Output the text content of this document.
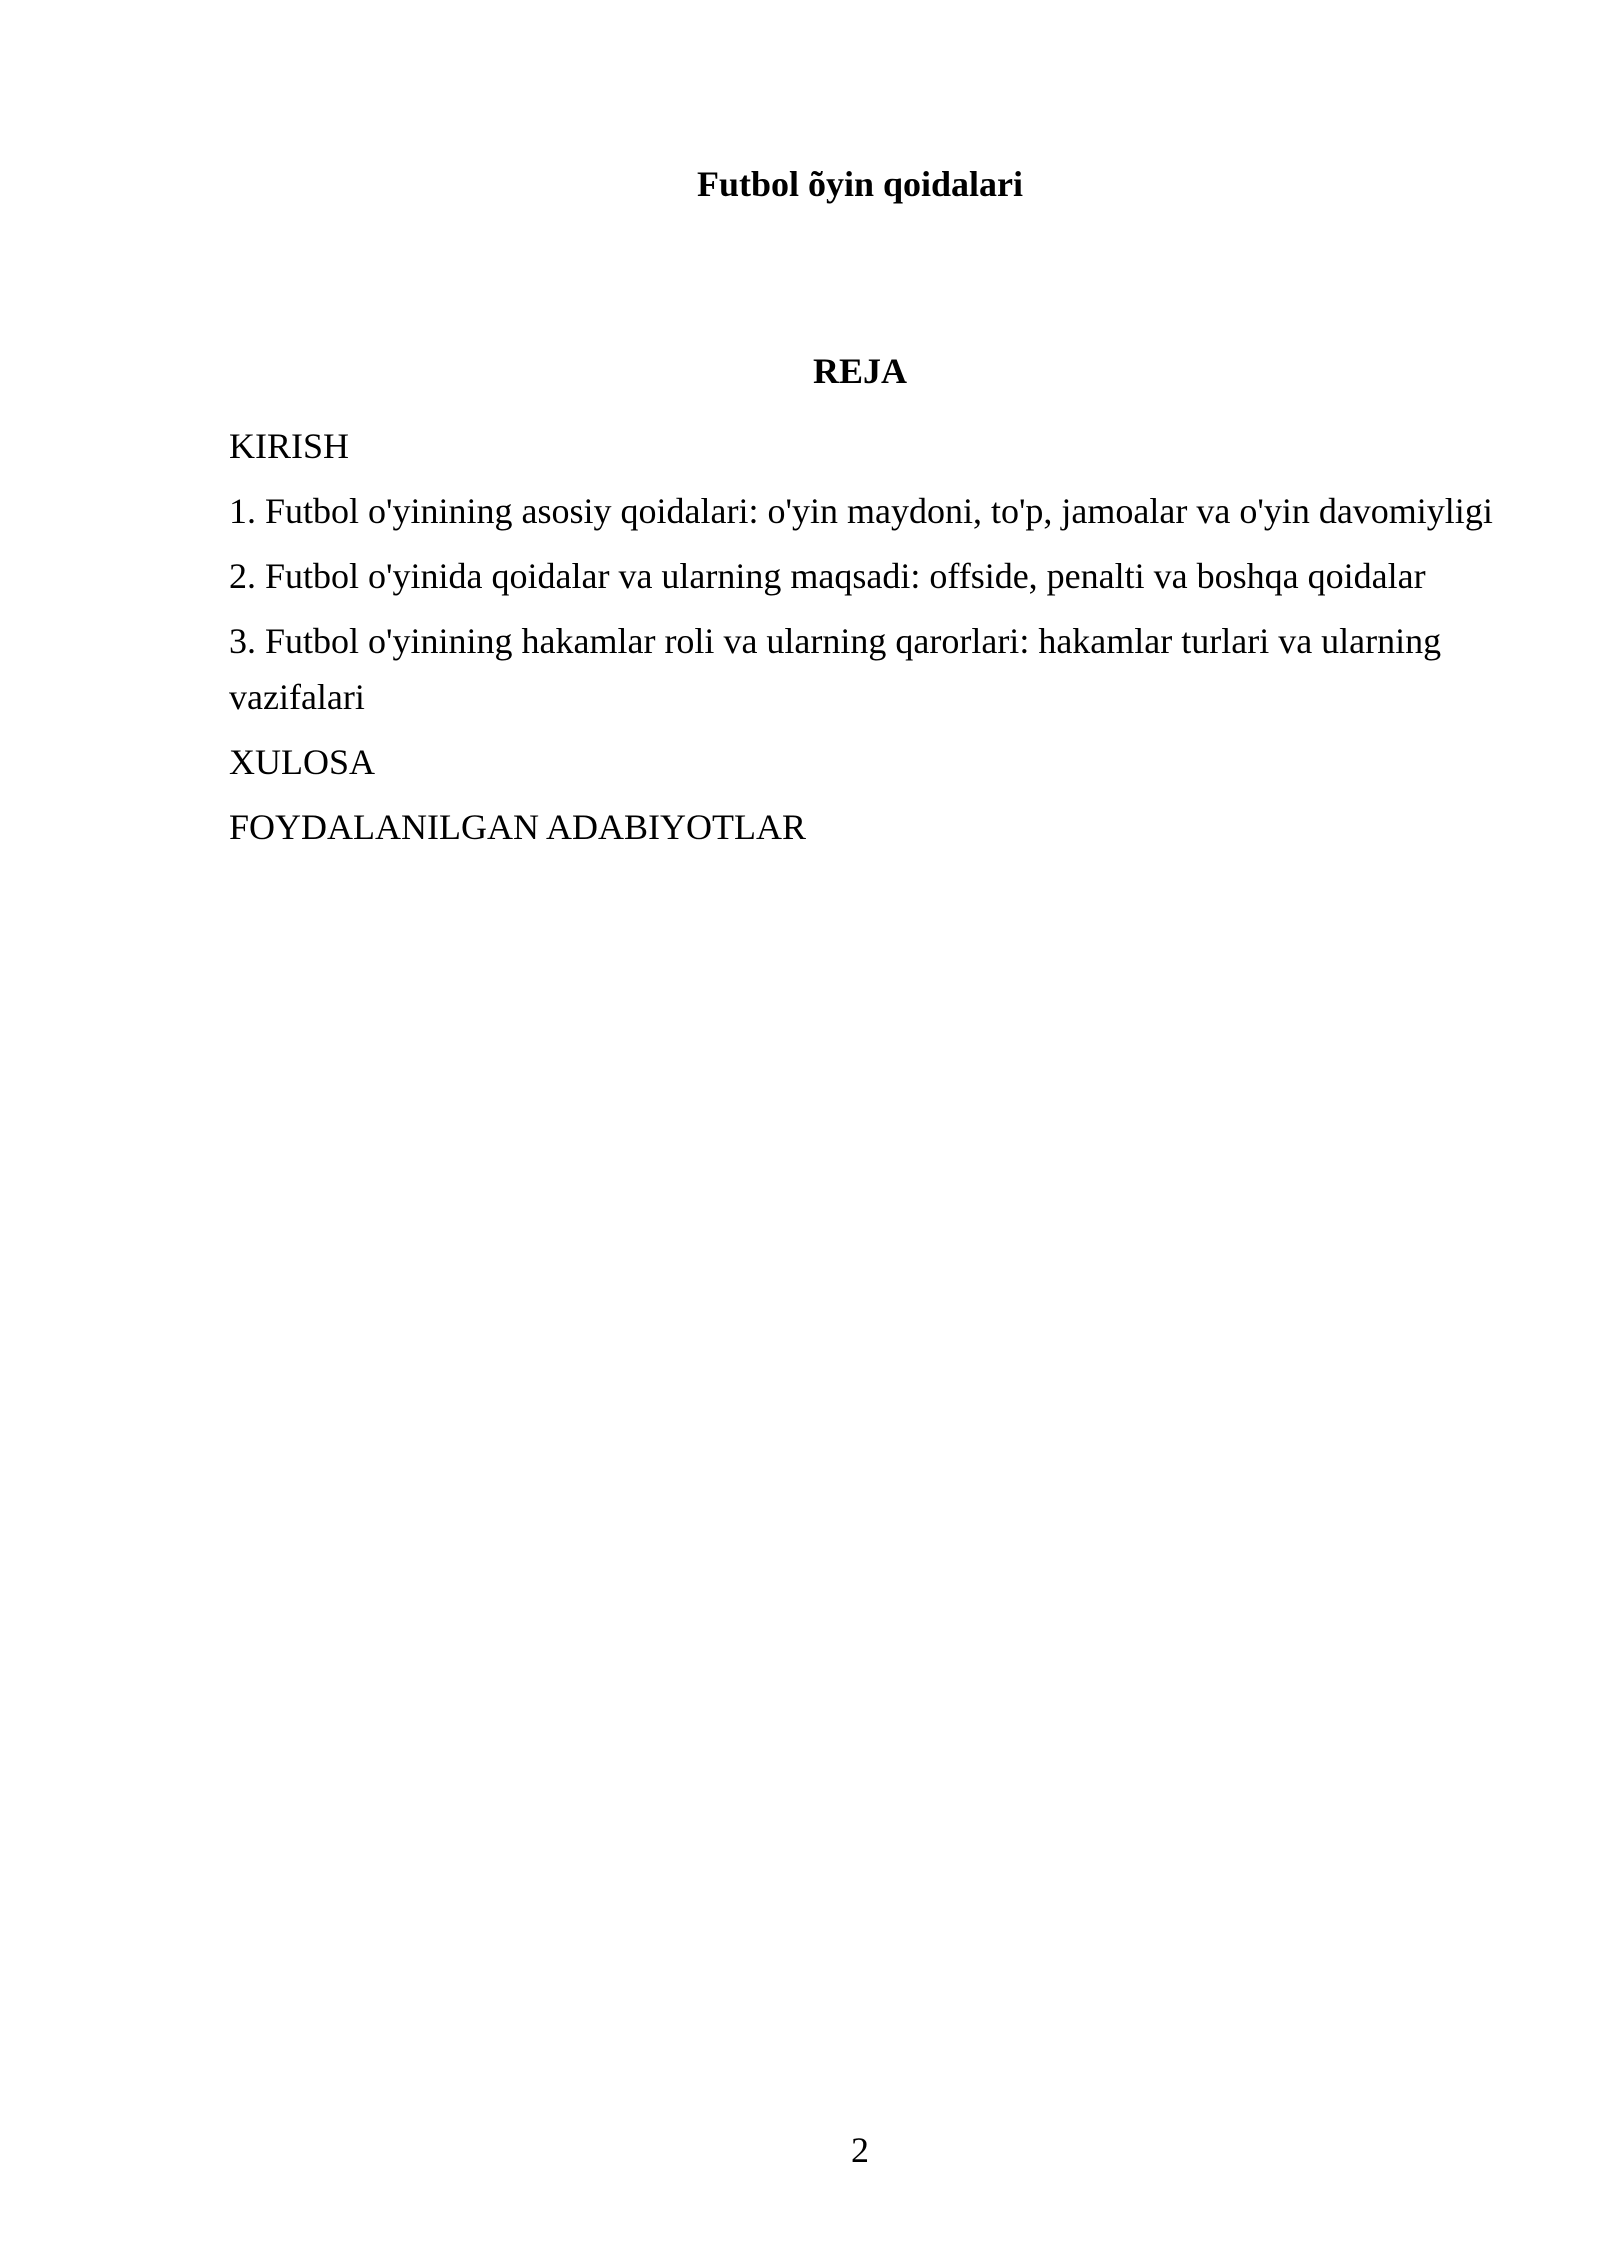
Futbol õyin qoidalari
REJA
KIRISH
1. Futbol o'yinining asosiy qoidalari: o'yin maydoni, to'p, jamoalar va o'yin davomiyligi
2. Futbol o'yinida qoidalar va ularning maqsadi: offside, penalti va boshqa qoidalar
3. Futbol o'yinining hakamlar roli va ularning qarorlari: hakamlar turlari va ularning vazifalari
XULOSA
FOYDALANILGAN ADABIYOTLAR
2
